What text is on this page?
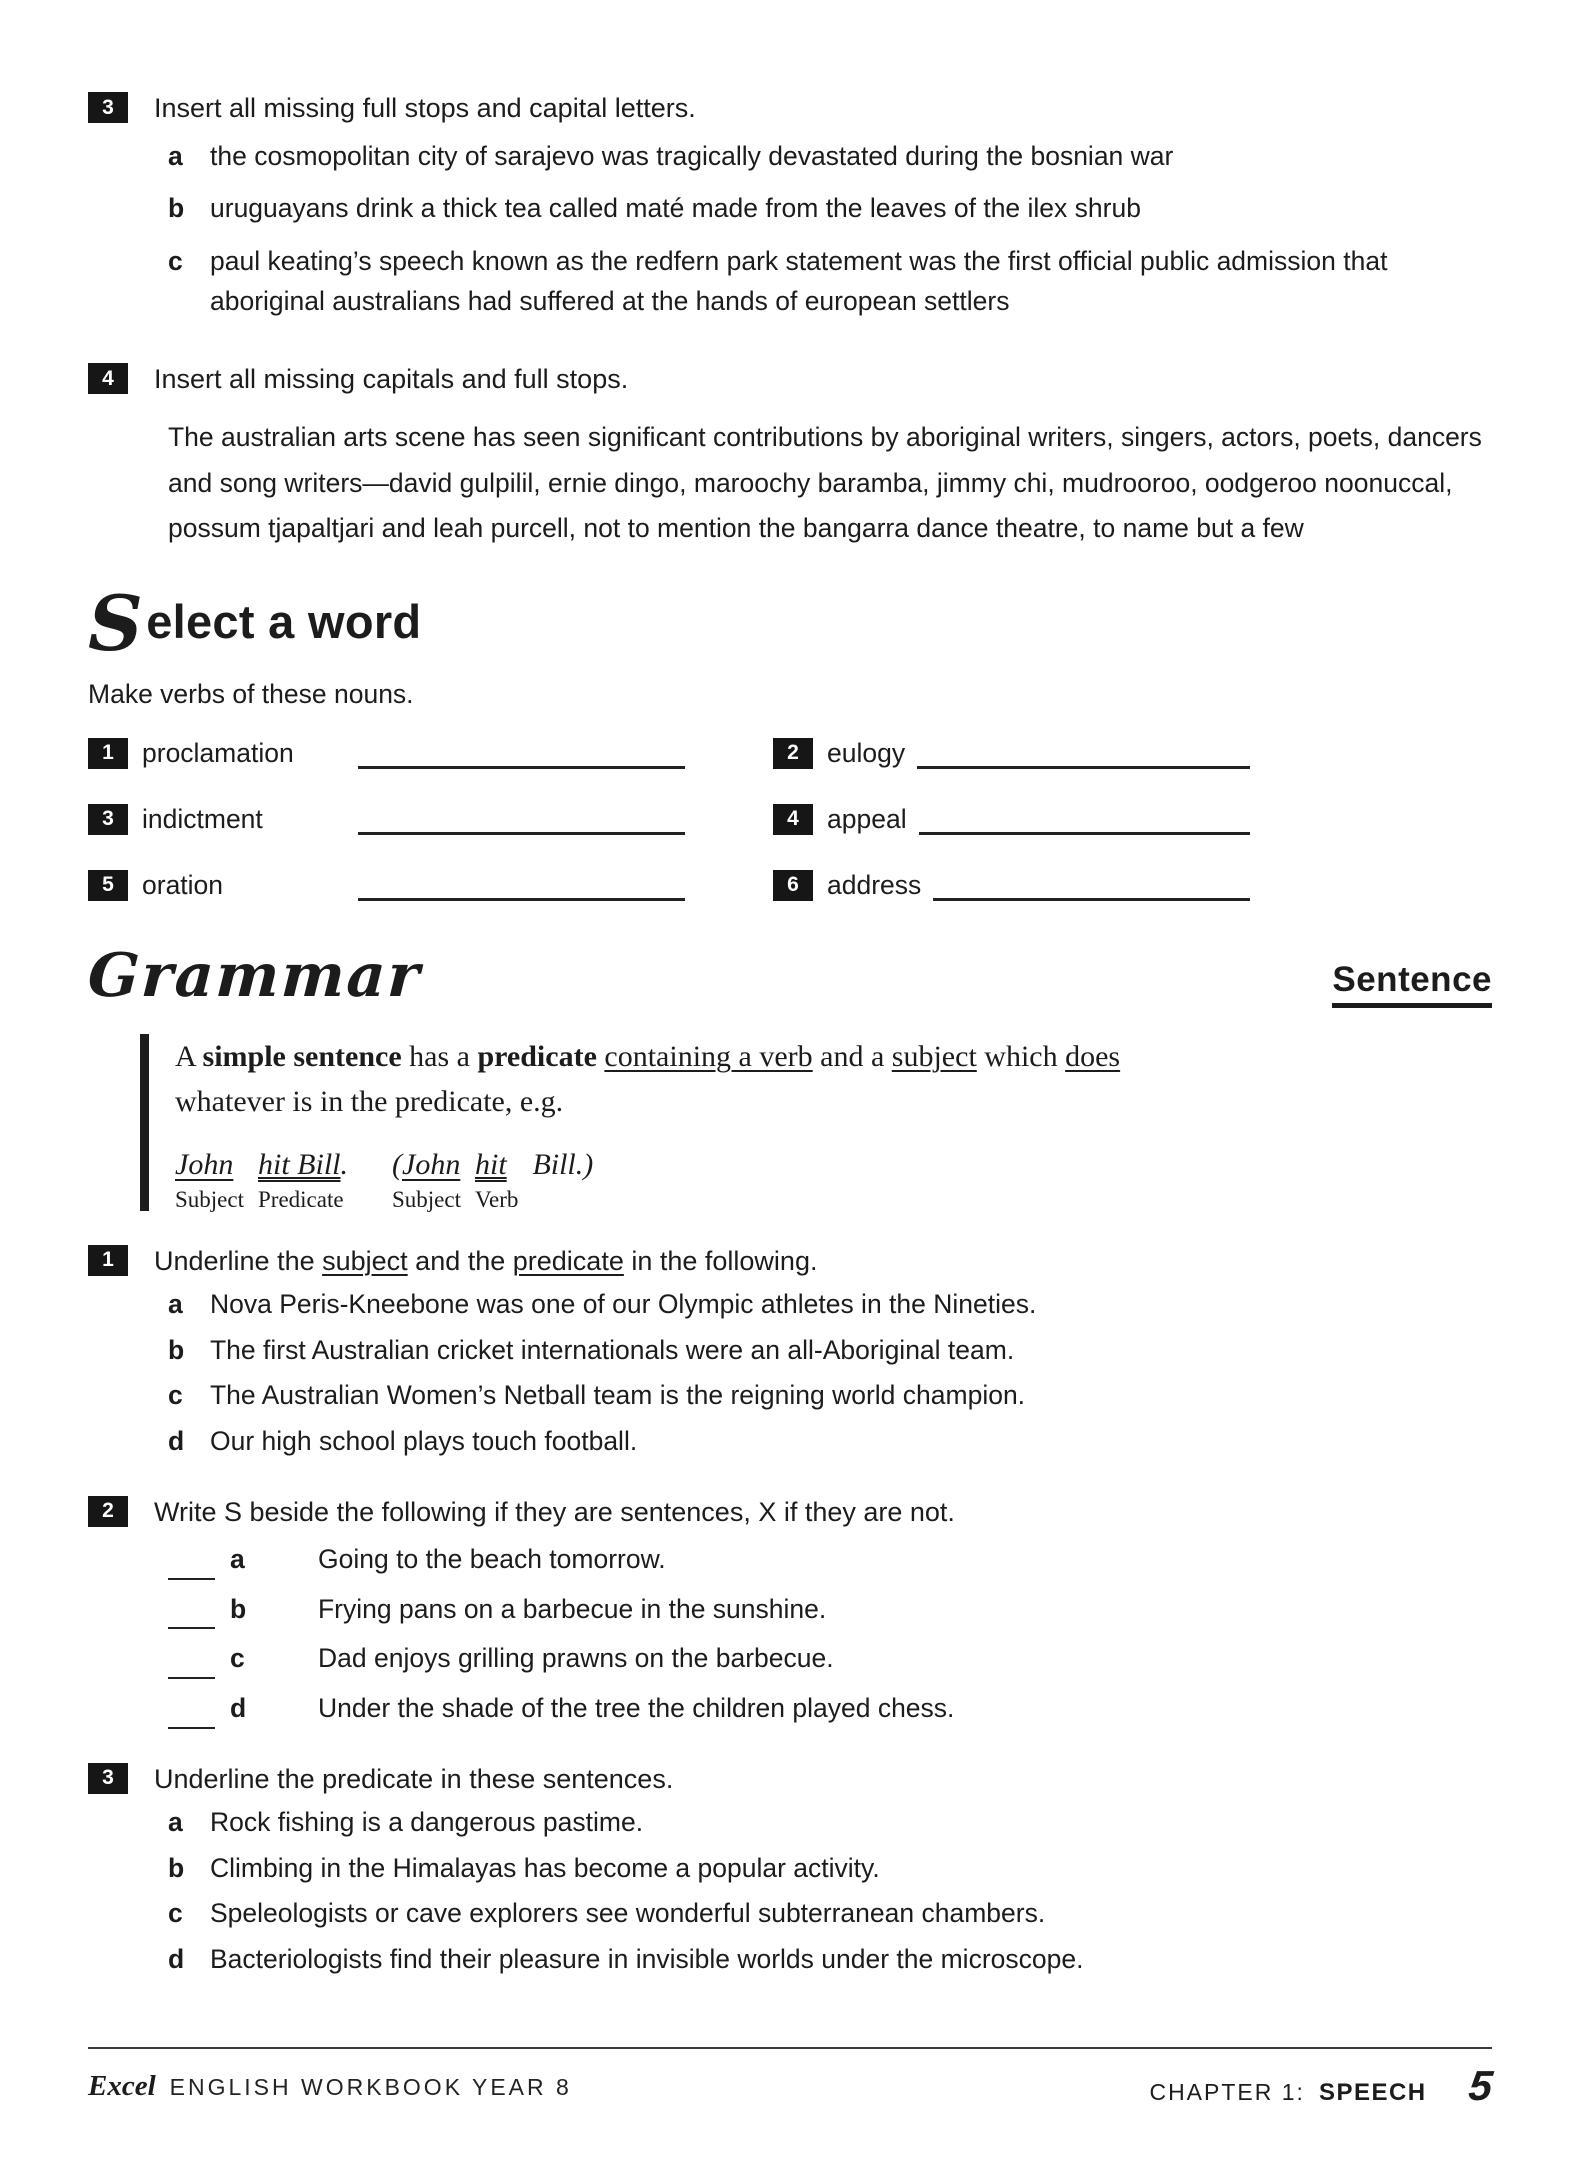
3	Insert all missing full stops and capital letters.
a the cosmopolitan city of sarajevo was tragically devastated during the bosnian war
b uruguayans drink a thick tea called maté made from the leaves of the ilex shrub
c paul keating’s speech known as the redfern park statement was the first official public admission that aboriginal australians had suffered at the hands of european settlers
4	Insert all missing capitals and full stops.

The australian arts scene has seen significant contributions by aboriginal writers, singers, actors, poets, dancers and song writers—david gulpilil, ernie dingo, maroochy baramba, jimmy chi, mudrooroo, oodgeroo noonuccal, possum tjapaltjari and leah purcell, not to mention the bangarra dance theatre, to name but a few

Select a word
Make verbs of these nouns.
1	proclamation	2	eulogy
3	indictment	4	appeal
5	oration	6	address
Grammar	Sentence
A simple sentence has a predicate containing a verb and a subject which does whatever is in the predicate, e.g.
John
Subject
hit Bill.
Predicate
(John
Subject
hit
Verb
Bill.)
1	Underline the subject and the predicate in the following.
a Nova Peris-Kneebone was one of our Olympic athletes in the Nineties.
b The first Australian cricket internationals were an all-Aboriginal team.
c The Australian Women’s Netball team is the reigning world champion.
d Our high school plays touch football.
2	Write S beside the following if they are sentences, X if they are not.
a	Going to the beach tomorrow.
b	Frying pans on a barbecue in the sunshine.
c	Dad enjoys grilling prawns on the barbecue.
d	Under the shade of the tree the children played chess.
3	Underline the predicate in these sentences.
a Rock fishing is a dangerous pastime.
b Climbing in the Himalayas has become a popular activity.
c Speleologists or cave explorers see wonderful subterranean chambers.
d Bacteriologists find their pleasure in invisible worlds under the microscope.
Excel ENGLISH WORKBOOK YEAR 8	CHAPTER 1: SPEECH 5
